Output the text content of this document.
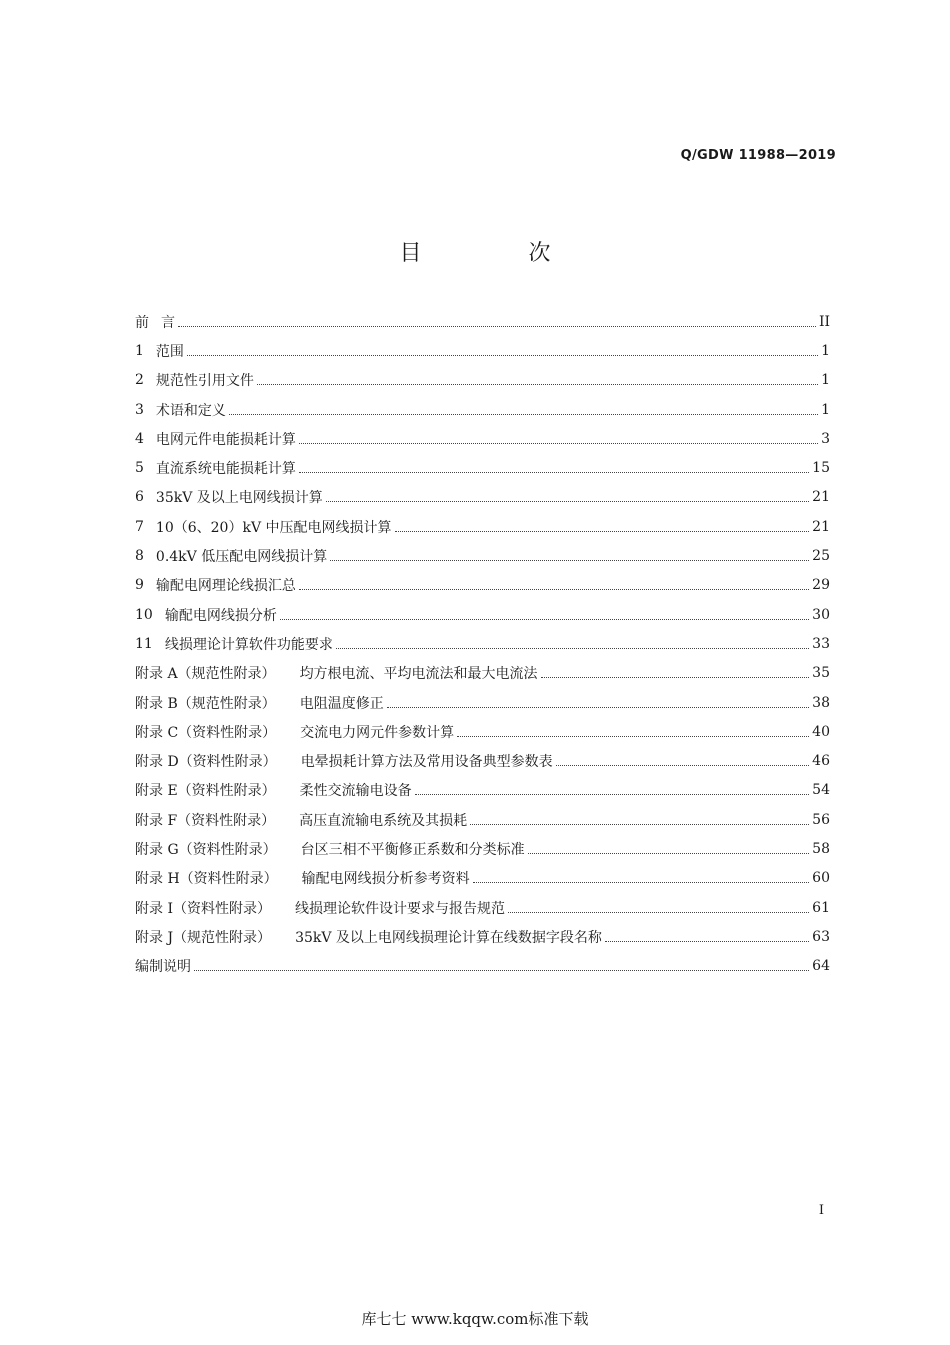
Q/GDW 11988—2019
目 次
前 言	II
1 范围	1
2 规范性引用文件	1
3 术语和定义	1
4 电网元件电能损耗计算	3
5 直流系统电能损耗计算	15
6 35kV 及以上电网线损计算	21
7 10（6、20）kV 中压配电网线损计算	21
8 0.4kV 低压配电网线损计算	25
9 输配电网理论线损汇总	29
10 输配电网线损分析	30
11 线损理论计算软件功能要求	33
附录 A（规范性附录） 均方根电流、平均电流法和最大电流法	35
附录 B（规范性附录） 电阻温度修正	38
附录 C（资料性附录） 交流电力网元件参数计算	40
附录 D（资料性附录） 电晕损耗计算方法及常用设备典型参数表	46
附录 E（资料性附录） 柔性交流输电设备	54
附录 F（资料性附录） 高压直流输电系统及其损耗	56
附录 G（资料性附录） 台区三相不平衡修正系数和分类标准	58
附录 H（资料性附录） 输配电网线损分析参考资料	60
附录 I（资料性附录） 线损理论软件设计要求与报告规范	61
附录 J（规范性附录） 35kV 及以上电网线损理论计算在线数据字段名称	63
编制说明	64
I
库七七 www.kqqw.com标准下载
